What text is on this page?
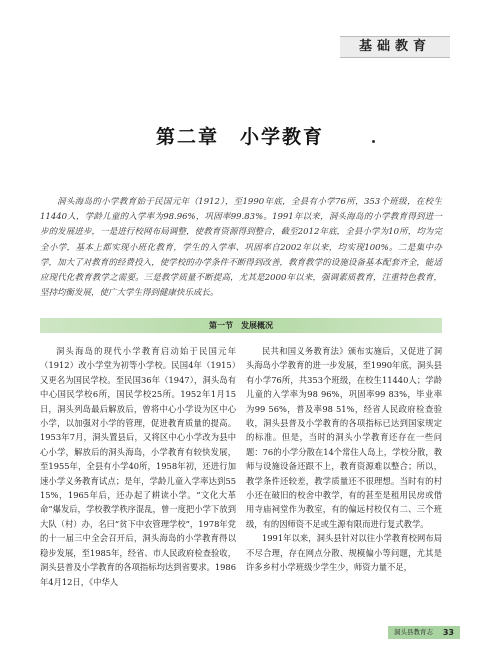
基础教育
第二章　小学教育

洞头海岛的小学教育始于民国元年（1912），至1990年底，全县有小学76所，353个班级，在校生11440人，学龄儿童的入学率为98.96%，巩固率99.83%。1991年以来，洞头海岛的小学教育得到进一步的发展进步，一是进行校网布局调整，使教育资源得到整合，截至2012年底，全县小学为10所，均为完全小学，基本上都实现小班化教育，学生的入学率、巩固率自2002年以来，均实现100%。二是集中办学，加大了对教育的经费投入，使学校的办学条件不断得到改善，教育教学的设施设备基本配套齐全，能适应现代化教育教学之需要。三是教学质量不断提高，尤其是2000年以来，强调素质教育，注重特色教育，坚持均衡发展，使广大学生得到健康快乐成长。

第一节　发展概况

洞头海岛的现代小学教育启动始于民国元年（1912）改小学堂为初等小学校。民国4年（1915）又更名为国民学校。至民国36年（1947），洞头岛有中心国民学校6所，国民学校25所。1952年1月15日，洞头列岛最后解放后，曾将中心小学设为区中心小学，以加强对小学的管理，促进教育质量的提高。1953年7月，洞头置县后，又将区中心小学改为县中心小学，解放后的洞头海岛，小学教育有较快发展，至1955年，全县有小学40所，1958年初，还进行加速小学义务教育试点；是年，学龄儿童入学率达到55 15%，1965年后，还办起了耕读小学。“文化大革命”爆发后，学校教学秩序混乱，曾一度把小学下放到大队（村）办，名曰“贫下中农管理学校”，1978年党的十一届三中全会召开后，洞头海岛的小学教育得以稳步发展，至1985年，经省、市人民政府检查验收，洞头县普及小学教育的各项指标均达到省要求。1986年4月12日，《中华人

民共和国义务教育法》颁布实施后，又促进了洞头海岛小学教育的进一步发展，至1990年底，洞头县有小学76所，共353个班级，在校生11440人；学龄儿童的入学率为98 96%，巩固率99 83%，毕业率为99 56%，普及率98 51%，经省人民政府检查验收，洞头县普及小学教育的各项指标已达到国家规定的标准。但是，当时的洞头小学教育还存在一些问题：76的小学分散在14个常住人岛上，学校分散，教师与设施设备还跟不上，教育资源难以整合；所以，教学条件还较差，教学质量还不很理想。当时有的村小还在破旧的校舍中教学，有的甚至是租用民房或借用寺庙祠堂作为教室，有的偏远村校仅有二、三个班级，有的因师资不足或生源有限而进行复式教学。

1991年以来，洞头县针对以往小学教育校网布局不尽合理，存在网点分散、规模偏小等问题，尤其是许多乡村小学班级少学生少，师资力量不足，

洞头县教育志 33
